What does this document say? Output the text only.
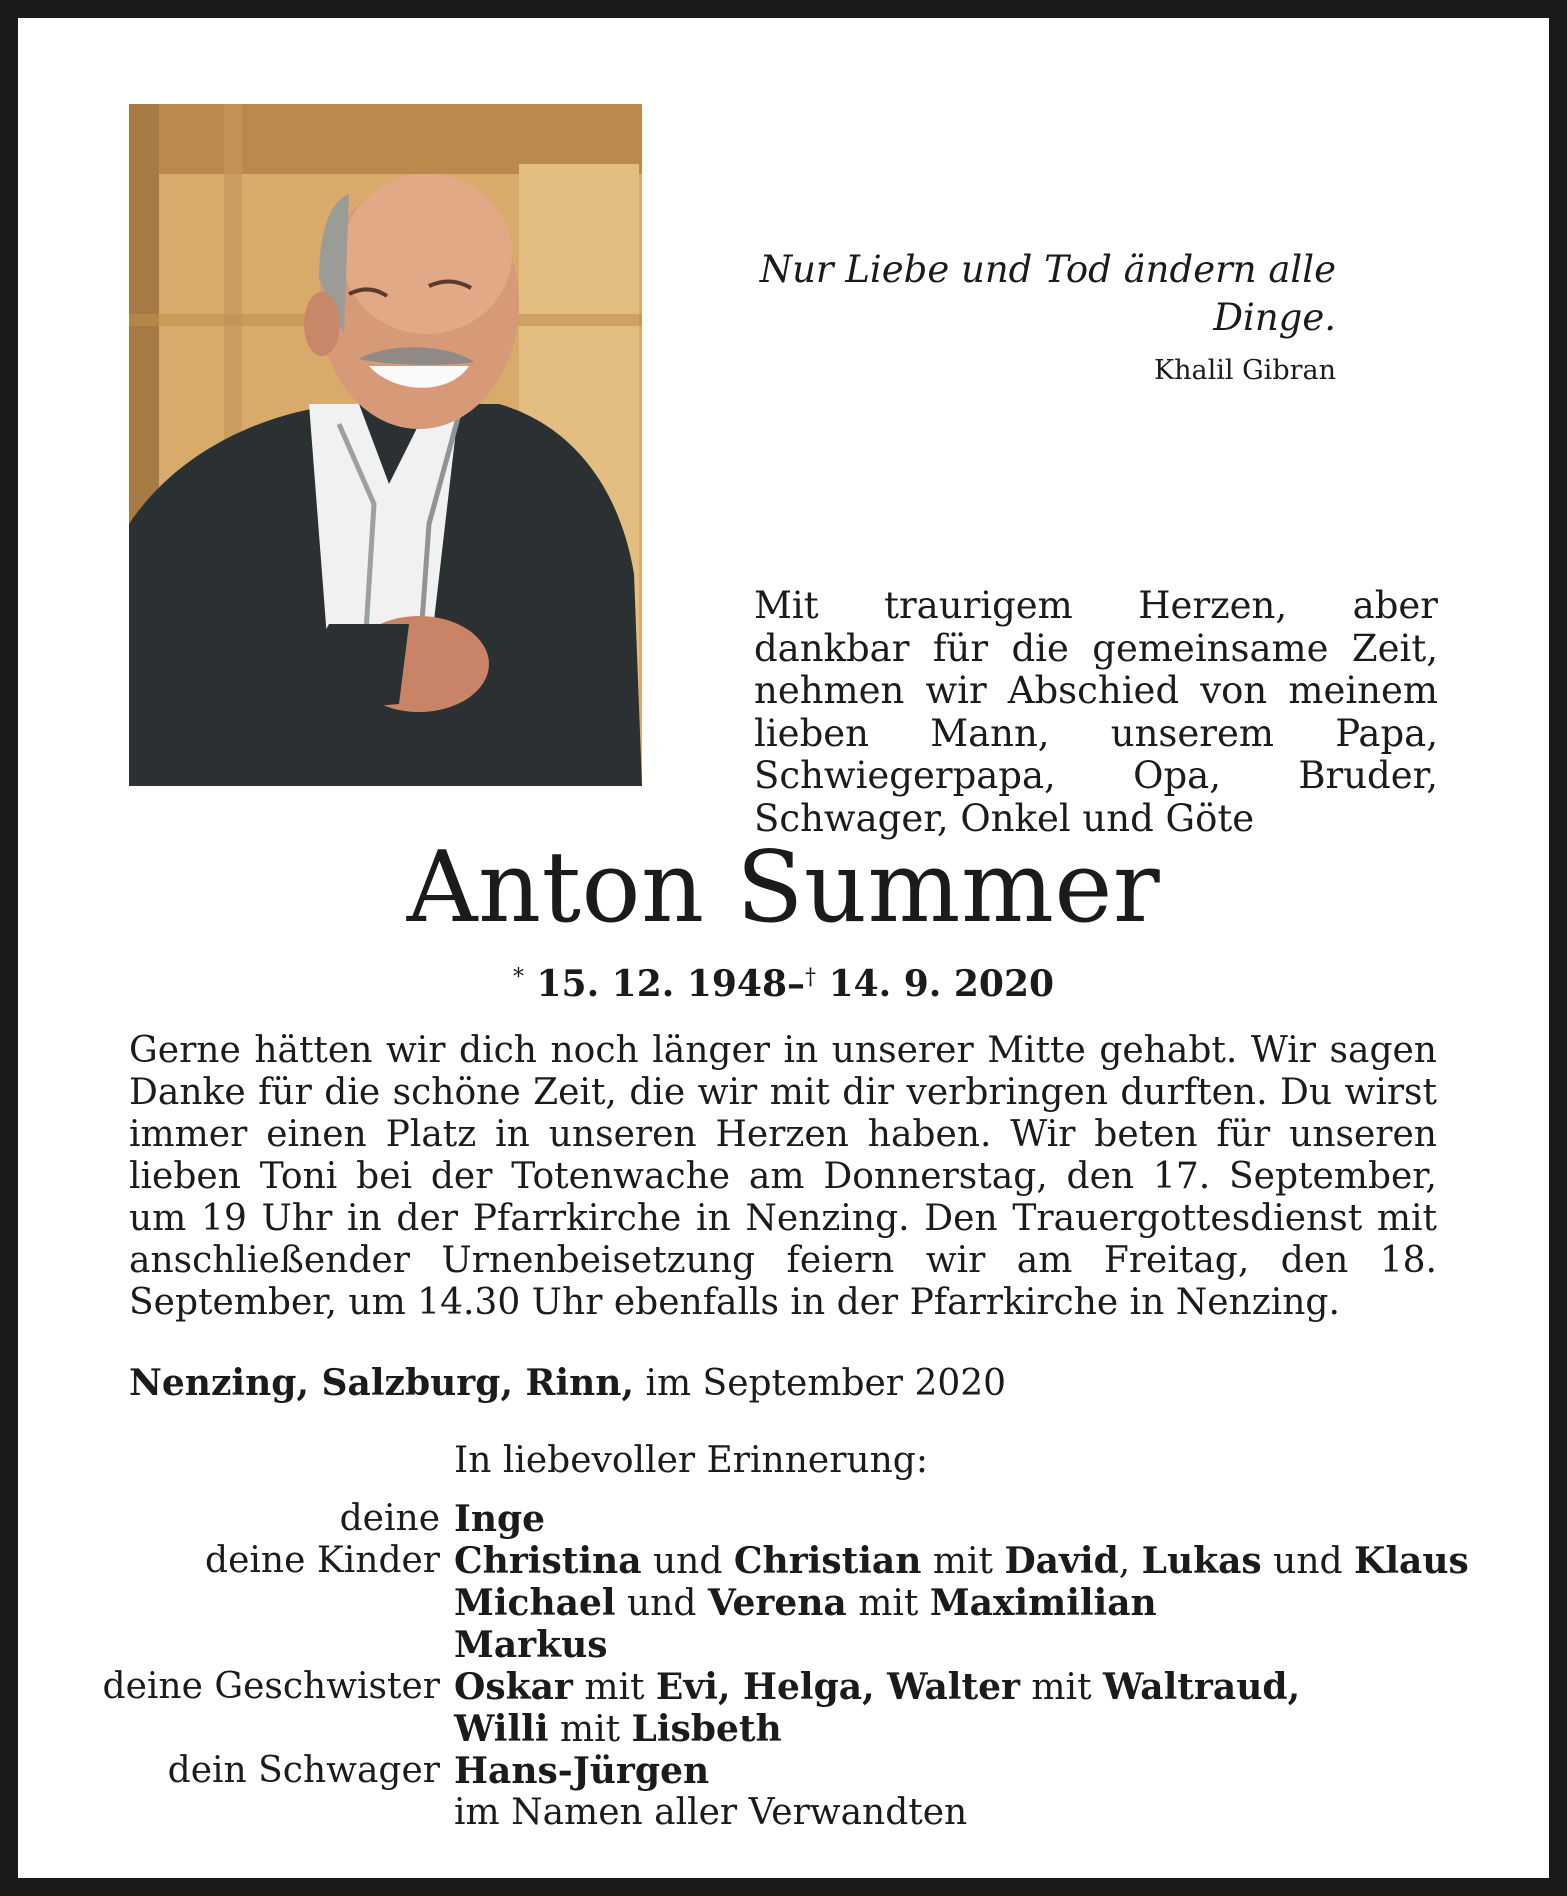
Nur Liebe und Tod ändern alle Dinge.
Khalil Gibran
Mit traurigem Herzen, aber dankbar für die gemeinsame Zeit, nehmen wir Abschied von meinem lieben Mann, unserem Papa, Schwiegerpapa, Opa, Bruder, Schwager, Onkel und Göte
Anton Summer
* 15. 12. 1948–† 14. 9. 2020
Gerne hätten wir dich noch länger in unserer Mitte gehabt. Wir sagen Danke für die schöne Zeit, die wir mit dir verbringen durften. Du wirst immer einen Platz in unseren Herzen haben. Wir beten für unseren lieben Toni bei der Totenwache am Donnerstag, den 17. September, um 19 Uhr in der Pfarrkirche in Nenzing. Den Trauergottesdienst mit anschließender Urnenbeisetzung feiern wir am Freitag, den 18. September, um 14.30 Uhr ebenfalls in der Pfarrkirche in Nenzing.
Nenzing, Salzburg, Rinn, im September 2020
In liebevoller Erinnerung:
deine Inge
deine Kinder Christina und Christian mit David, Lukas und Klaus
Michael und Verena mit Maximilian
Markus
deine Geschwister Oskar mit Evi, Helga, Walter mit Waltraud,
Willi mit Lisbeth
dein Schwager Hans-Jürgen
im Namen aller Verwandten
